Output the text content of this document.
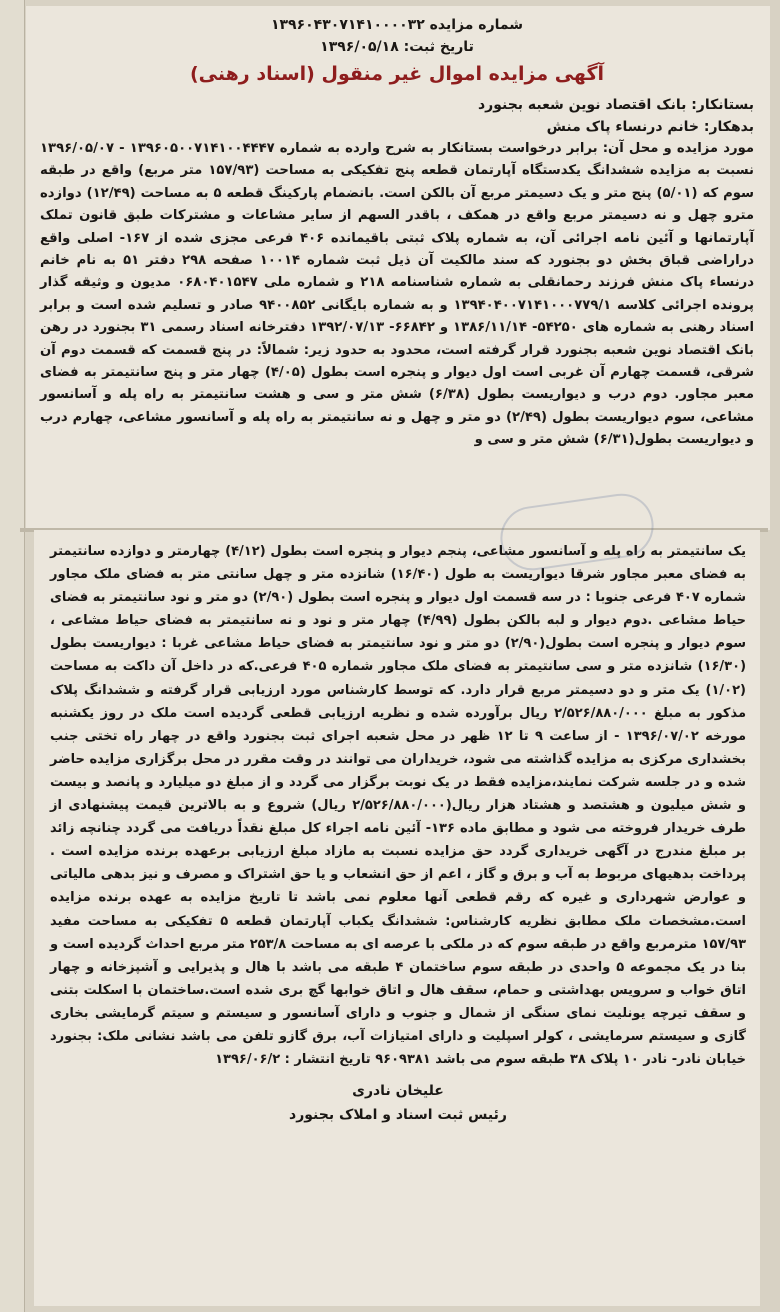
شماره مزایده ۱۳۹۶۰۴۳۰۷۱۴۱۰۰۰۰۳۲

تاریخ ثبت: ۱۳۹۶/۰۵/۱۸

آگهی مزایده اموال غیر منقول (اسناد رهنی)

بستانکار: بانک اقتصاد نوین شعبه بجنورد

بدهکار: خانم درنساء پاک منش

مورد مزایده و محل آن: برابر درخواست بستانکار به شرح وارده به شماره ۱۳۹۶۰۵۰۰۷۱۴۱۰۰۴۴۴۷ - ۱۳۹۶/۰۵/۰۷ نسبت به مزایده ششدانگ یکدستگاه آپارتمان قطعه پنج تفکیکی به مساحت (۱۵۷/۹۳ متر مربع) واقع در طبقه سوم که (۵/۰۱) پنج متر و یک دسیمتر مربع آن بالکن است. بانضمام پارکینگ قطعه ۵ به مساحت (۱۲/۴۹) دوازده مترو چهل و نه دسیمتر مربع واقع در همکف ، باقدر السهم از سایر مشاعات و مشترکات طبق قانون تملک آپارتمانها و آئین نامه اجرائی آن، به شماره پلاک ثبتی باقیمانده ۴۰۶ فرعی مجزی شده از ۱۶۷- اصلی واقع دراراضی قباق بخش دو بجنورد که سند مالکیت آن ذیل ثبت شماره ۱۰۰۱۴ صفحه ۲۹۸ دفتر ۵۱ به نام خانم درنساء پاک منش فرزند رحمانقلی به شماره شناسنامه ۲۱۸ و شماره ملی ۰۶۸۰۴۰۱۵۴۷ مدیون و وثیقه گذار پرونده اجرائی کلاسه ۱۳۹۴۰۴۰۰۷۱۴۱۰۰۰۷۷۹/۱ و به شماره بایگانی ۹۴۰۰۸۵۲ صادر و تسلیم شده است و برابر اسناد رهنی به شماره های ۵۴۲۵۰- ۱۳۸۶/۱۱/۱۴ و ۶۶۸۴۲- ۱۳۹۲/۰۷/۱۳ دفترخانه اسناد رسمی ۳۱ بجنورد در رهن بانک اقتصاد نوین شعبه بجنورد قرار گرفته است، محدود به حدود زیر: شمالاً: در پنج قسمت که قسمت دوم آن شرقی، قسمت چهارم آن غربی است اول دیوار و پنجره است بطول (۴/۰۵) چهار متر و پنج سانتیمتر به فضای معبر مجاور. دوم درب و دیواریست بطول (۶/۳۸) شش متر و سی و هشت سانتیمتر به راه پله و آسانسور مشاعی، سوم دیواریست بطول (۲/۴۹) دو متر و چهل و نه سانتیمتر به راه پله و آسانسور مشاعی، چهارم درب و دیواریست بطول(۶/۳۱) شش متر و سی و

یک سانتیمتر به راه پله و آسانسور مشاعی، پنجم دیوار و پنجره است بطول (۴/۱۲) چهارمتر و دوازده سانتیمتر به فضای معبر مجاور شرقا دیواریست به طول (۱۶/۴۰) شانزده متر و چهل سانتی متر به فضای ملک مجاور شماره ۴۰۷ فرعی جنوبا : در سه قسمت اول دیوار و پنجره است بطول (۲/۹۰) دو متر و نود سانتیمتر به فضای حیاط مشاعی .دوم دیوار و لبه بالکن بطول (۴/۹۹) چهار متر و نود و نه سانتیمتر به فضای حیاط مشاعی ، سوم دیوار و پنجره است بطول(۲/۹۰) دو متر و نود سانتیمتر به فضای حیاط مشاعی غربا : دیواریست بطول (۱۶/۳۰) شانزده متر و سی سانتیمتر به فضای ملک مجاور شماره ۴۰۵ فرعی.که در داخل آن داکت به مساحت (۱/۰۲) یک متر و دو دسیمتر مربع قرار دارد. که توسط کارشناس مورد ارزیابی قرار گرفته و ششدانگ پلاک مذکور به مبلغ ۲/۵۲۶/۸۸۰/۰۰۰ ریال برآورده شده و نظریه ارزیابی قطعی گردیده است ملک در روز یکشنبه مورخه ۱۳۹۶/۰۷/۰۲ - از ساعت ۹ تا ۱۲ ظهر در محل شعبه اجرای ثبت بجنورد واقع در چهار راه تختی جنب بخشداری مرکزی به مزایده گذاشته می شود، خریداران می توانند در وقت مقرر در محل برگزاری مزایده حاضر شده و در جلسه شرکت نمایند،مزایده فقط در یک نوبت برگزار می گردد و از مبلغ دو میلیارد و پانصد و بیست و شش میلیون و هشتصد و هشتاد هزار ریال(۲/۵۲۶/۸۸۰/۰۰۰ ریال) شروع و به بالاترین قیمت پیشنهادی از طرف خریدار فروخته می شود و مطابق ماده ۱۳۶- آئین نامه اجراء کل مبلغ نقداً دریافت می گردد چنانچه زائد بر مبلغ مندرج در آگهی خریداری گردد حق مزایده نسبت به مازاد مبلغ ارزیابی برعهده برنده مزایده است . پرداخت بدهیهای مربوط به آب و برق و گاز ، اعم از حق انشعاب و یا حق اشتراک و مصرف و نیز بدهی مالیاتی و عوارض شهرداری و غیره که رقم قطعی آنها معلوم نمی باشد تا تاریخ مزایده به عهده برنده مزایده است.مشخصات ملک مطابق نظریه کارشناس: ششدانگ یکباب آپارتمان قطعه ۵ تفکیکی به مساحت مفید ۱۵۷/۹۳ مترمربع واقع در طبقه سوم که در ملکی با عرصه ای به مساحت ۲۵۳/۸ متر مربع احداث گردیده است و بنا در یک مجموعه ۵ واحدی در طبقه سوم ساختمان ۴ طبقه می باشد با هال و پذیرایی و آشپزخانه و چهار اتاق خواب و سرویس بهداشتی و حمام، سقف هال و اتاق خوابها گچ بری شده است.ساختمان با اسکلت بتنی و سقف تیرچه یونلیت نمای سنگی از شمال و جنوب و دارای آسانسور و سیستم و سیتم گرمایشی بخاری گازی و سیستم سرمایشی ، کولر اسپلیت و دارای امتیازات آب، برق گازو تلفن می باشد نشانی ملک: بجنورد خیابان نادر- نادر ۱۰ پلاک ۳۸ طبقه سوم می باشد ۹۶۰۹۳۸۱ تاریخ انتشار : ۱۳۹۶/۰۶/۲

علیخان نادری

رئیس ثبت اسناد و املاک بجنورد
